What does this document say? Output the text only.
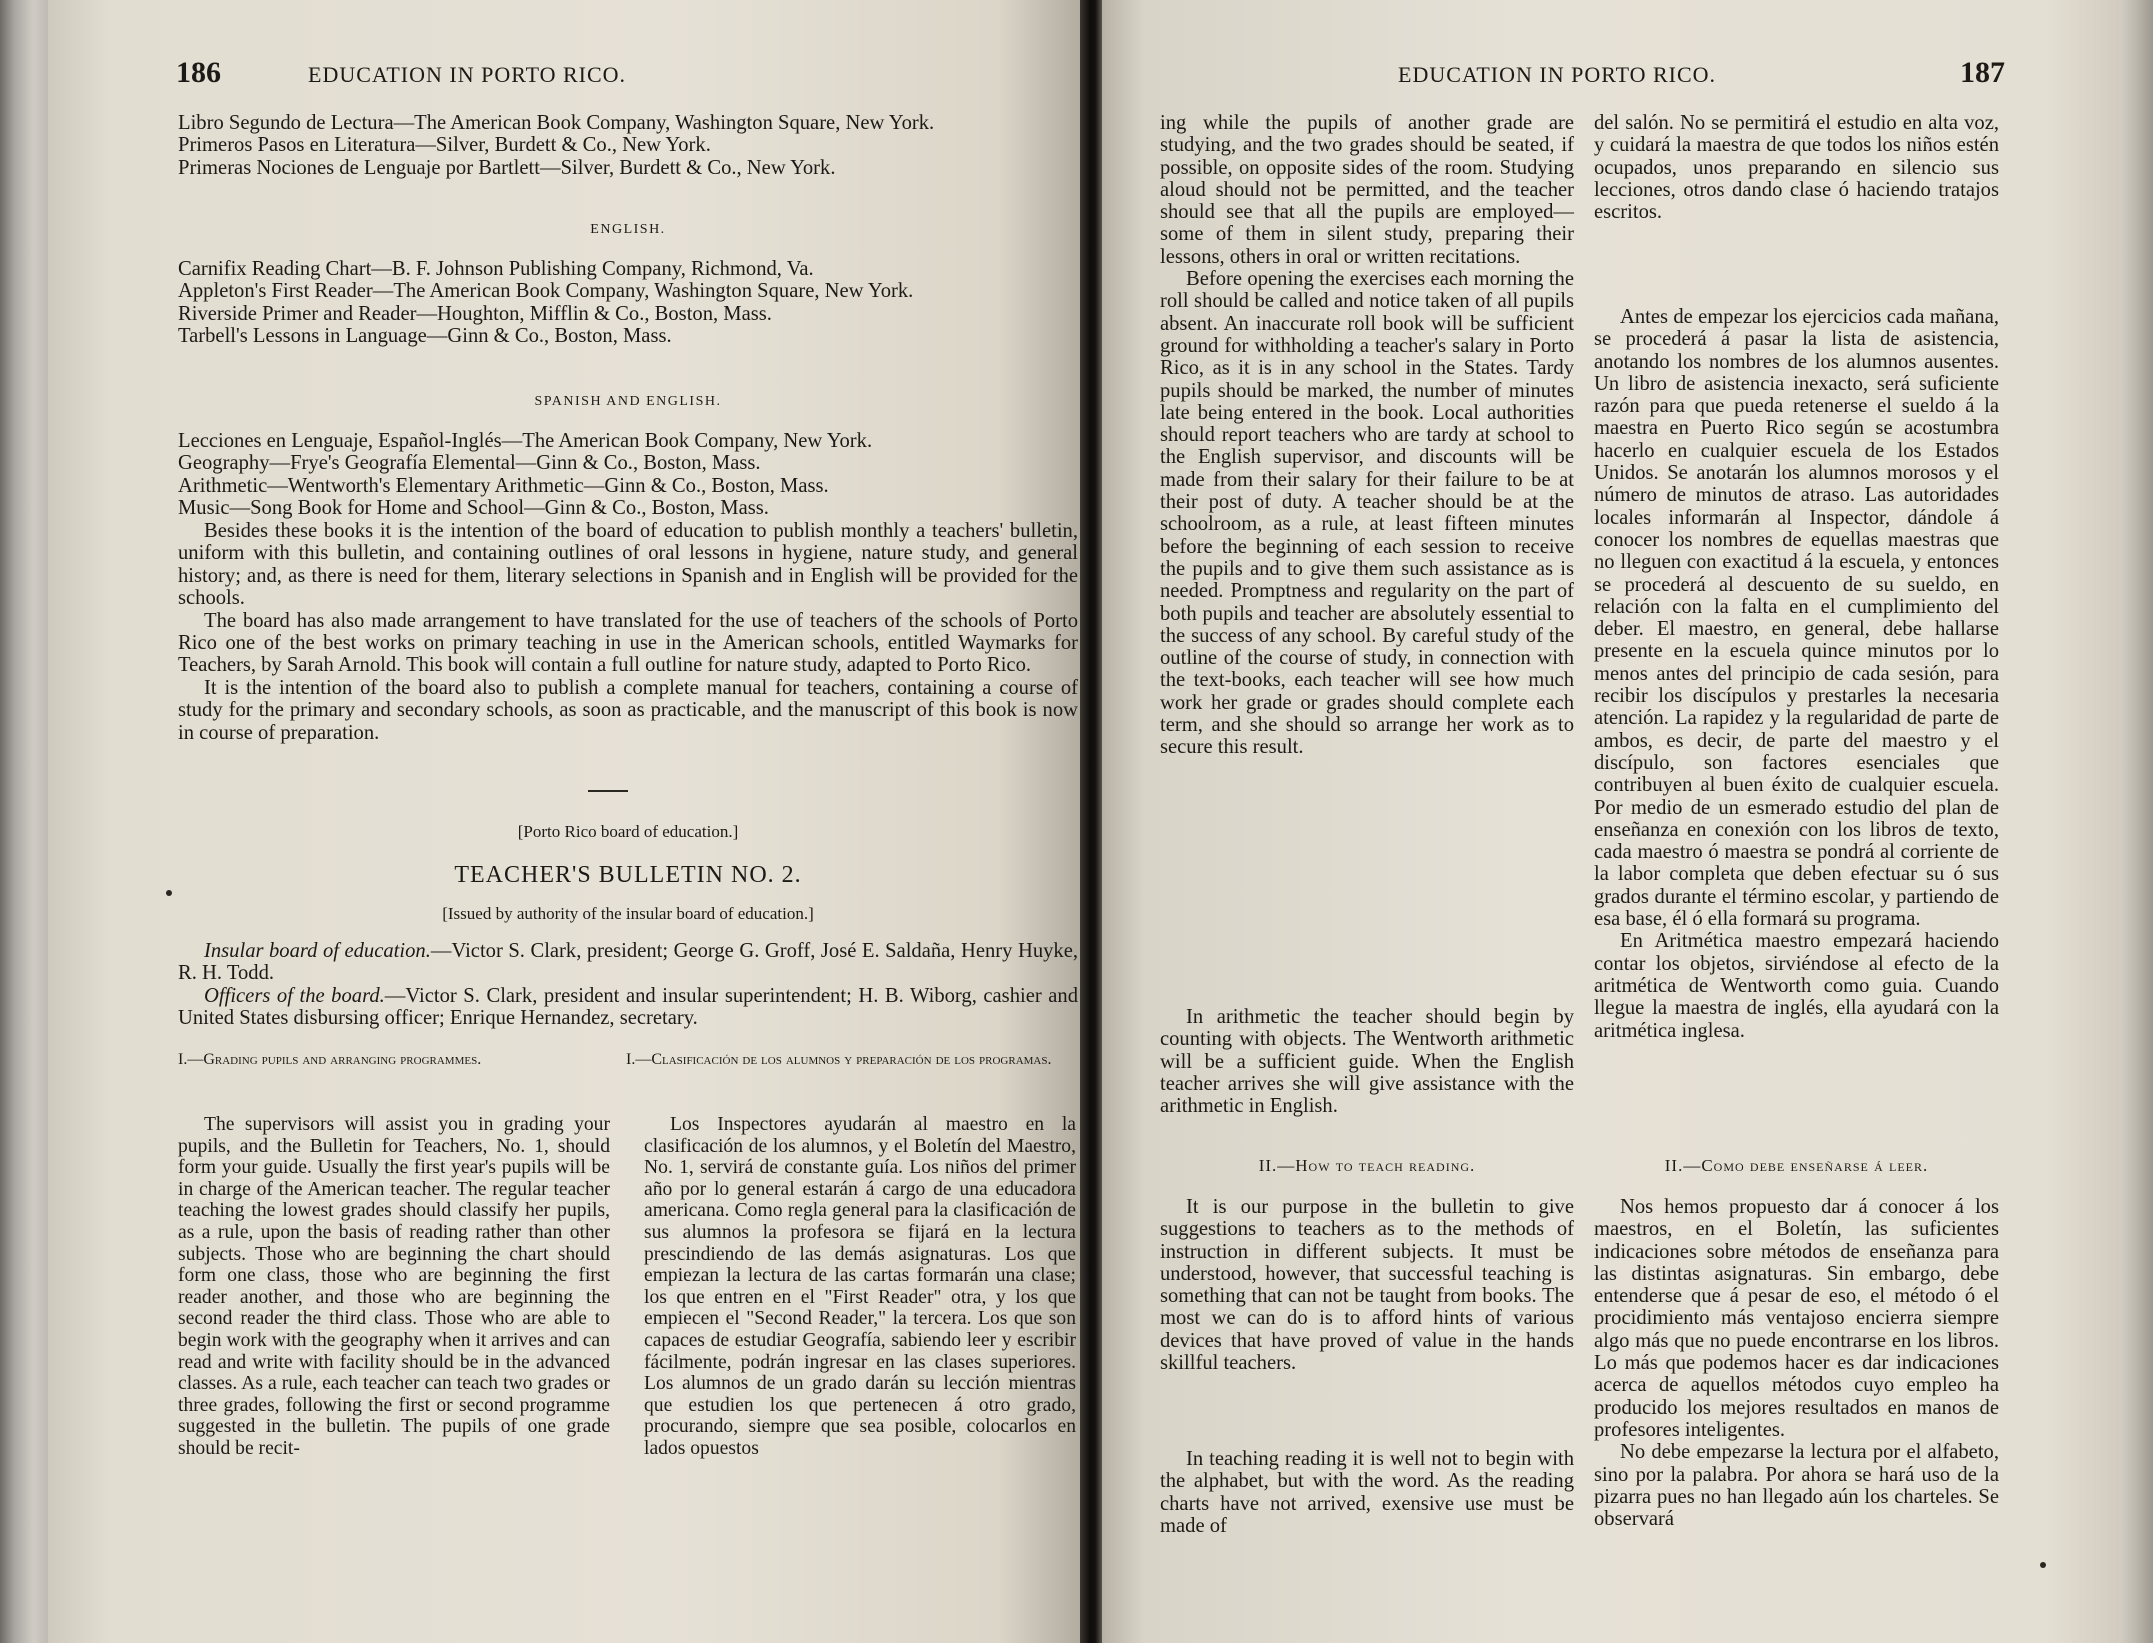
186	EDUCATION IN PORTO RICO.

Libro Segundo de Lectura—The American Book Company, Washington Square, New York.

Primeros Pasos en Literatura—Silver, Burdett & Co., New York.

Primeras Nociones de Lenguaje por Bartlett—Silver, Burdett & Co., New York.

ENGLISH.

Carnifix Reading Chart—B. F. Johnson Publishing Company, Richmond, Va.

Appleton's First Reader—The American Book Company, Washington Square, New York.

Riverside Primer and Reader—Houghton, Mifflin & Co., Boston, Mass.

Tarbell's Lessons in Language—Ginn & Co., Boston, Mass.

SPANISH AND ENGLISH.

Lecciones en Lenguaje, Español-Inglés—The American Book Company, New York.

Geography—Frye's Geografía Elemental—Ginn & Co., Boston, Mass.

Arithmetic—Wentworth's Elementary Arithmetic—Ginn & Co., Boston, Mass.

Music—Song Book for Home and School—Ginn & Co., Boston, Mass.

Besides these books it is the intention of the board of education to publish monthly a teachers' bulletin, uniform with this bulletin, and containing outlines of oral lessons in hygiene, nature study, and general history; and, as there is need for them, literary selections in Spanish and in English will be provided for the schools.

The board has also made arrangement to have translated for the use of teachers of the schools of Porto Rico one of the best works on primary teaching in use in the American schools, entitled Waymarks for Teachers, by Sarah Arnold. This book will contain a full outline for nature study, adapted to Porto Rico.

It is the intention of the board also to publish a complete manual for teachers, containing a course of study for the primary and secondary schools, as soon as practicable, and the manuscript of this book is now in course of preparation.

[Porto Rico board of education.]
TEACHER'S BULLETIN NO. 2.
[Issued by authority of the insular board of education.]

Insular board of education.—Victor S. Clark, president; George G. Groff, José E. Saldaña, Henry Huyke, R. H. Todd.

Officers of the board.—Victor S. Clark, president and insular superintendent; H. B. Wiborg, cashier and United States disbursing officer; Enrique Hernandez, secretary.

I.—Grading pupils and arranging programmes.	I.—Clasificación de los alumnos y preparación de los programas.

The supervisors will assist you in grading your pupils, and the Bulletin for Teachers, No. 1, should form your guide. Usually the first year's pupils will be in charge of the American teacher. The regular teacher teaching the lowest grades should classify her pupils, as a rule, upon the basis of reading rather than other subjects. Those who are beginning the chart should form one class, those who are beginning the first reader another, and those who are beginning the second reader the third class. Those who are able to begin work with the geography when it arrives and can read and write with facility should be in the advanced classes. As a rule, each teacher can teach two grades or three grades, following the first or second programme suggested in the bulletin. The pupils of one grade should be recit-

Los Inspectores ayudarán al maestro en la clasificación de los alumnos, y el Boletín del Maestro, No. 1, servirá de constante guía. Los niños del primer año por lo general estarán á cargo de una educadora americana. Como regla general para la clasificación de sus alumnos la profesora se fijará en la lectura prescindiendo de las demás asignaturas. Los que empiezan la lectura de las cartas formarán una clase; los que entren en el "First Reader" otra, y los que empiecen el "Second Reader," la tercera. Los que son capaces de estudiar Geografía, sabiendo leer y escribir fácilmente, podrán ingresar en las clases superiores. Los alumnos de un grado darán su lección mientras que estudien los que pertenecen á otro grado, procurando, siempre que sea posible, colocarlos en lados opuestos

EDUCATION IN PORTO RICO.	187

ing while the pupils of another grade are studying, and the two grades should be seated, if possible, on opposite sides of the room. Studying aloud should not be permitted, and the teacher should see that all the pupils are employed—some of them in silent study, preparing their lessons, others in oral or written recitations.

Before opening the exercises each morning the roll should be called and notice taken of all pupils absent. An inaccurate roll book will be sufficient ground for withholding a teacher's salary in Porto Rico, as it is in any school in the States. Tardy pupils should be marked, the number of minutes late being entered in the book. Local authorities should report teachers who are tardy at school to the English supervisor, and discounts will be made from their salary for their failure to be at their post of duty. A teacher should be at the schoolroom, as a rule, at least fifteen minutes before the beginning of each session to receive the pupils and to give them such assistance as is needed. Promptness and regularity on the part of both pupils and teacher are absolutely essential to the success of any school. By careful study of the outline of the course of study, in connection with the text-books, each teacher will see how much work her grade or grades should complete each term, and she should so arrange her work as to secure this result.

In arithmetic the teacher should begin by counting with objects. The Wentworth arithmetic will be a sufficient guide. When the English teacher arrives she will give assistance with the arithmetic in English.

II.—How to teach reading.

It is our purpose in the bulletin to give suggestions to teachers as to the methods of instruction in different subjects. It must be understood, however, that successful teaching is something that can not be taught from books. The most we can do is to afford hints of various devices that have proved of value in the hands skillful teachers.

In teaching reading it is well not to begin with the alphabet, but with the word. As the reading charts have not arrived, exensive use must be made of

del salón. No se permitirá el estudio en alta voz, y cuidará la maestra de que todos los niños estén ocupados, unos preparando en silencio sus lecciones, otros dando clase ó haciendo tratajos escritos.

Antes de empezar los ejercicios cada mañana, se procederá á pasar la lista de asistencia, anotando los nombres de los alumnos ausentes. Un libro de asistencia inexacto, será suficiente razón para que pueda retenerse el sueldo á la maestra en Puerto Rico según se acostumbra hacerlo en cualquier escuela de los Estados Unidos. Se anotarán los alumnos morosos y el número de minutos de atraso. Las autoridades locales informarán al Inspector, dándole á conocer los nombres de equellas maestras que no lleguen con exactitud á la escuela, y entonces se procederá al descuento de su sueldo, en relación con la falta en el cumplimiento del deber. El maestro, en general, debe hallarse presente en la escuela quince minutos por lo menos antes del principio de cada sesión, para recibir los discípulos y prestarles la necesaria atención. La rapidez y la regularidad de parte de ambos, es decir, de parte del maestro y el discípulo, son factores esenciales que contribuyen al buen éxito de cualquier escuela. Por medio de un esmerado estudio del plan de enseñanza en conexión con los libros de texto, cada maestro ó maestra se pondrá al corriente de la labor completa que deben efectuar su ó sus grados durante el término escolar, y partiendo de esa base, él ó ella formará su programa.

En Aritmética maestro empezará haciendo contar los objetos, sirviéndose al efecto de la aritmética de Wentworth como guia. Cuando llegue la maestra de inglés, ella ayudará con la aritmética inglesa.

II.—Como debe enseñarse á leer.

Nos hemos propuesto dar á conocer á los maestros, en el Boletín, las suficientes indicaciones sobre métodos de enseñanza para las distintas asignaturas. Sin embargo, debe entenderse que á pesar de eso, el método ó el procidimiento más ventajoso encierra siempre algo más que no puede encontrarse en los libros. Lo más que podemos hacer es dar indicaciones acerca de aquellos métodos cuyo empleo ha producido los mejores resultados en manos de profesores inteligentes.

No debe empezarse la lectura por el alfabeto, sino por la palabra. Por ahora se hará uso de la pizarra pues no han llegado aún los charteles. Se observará
